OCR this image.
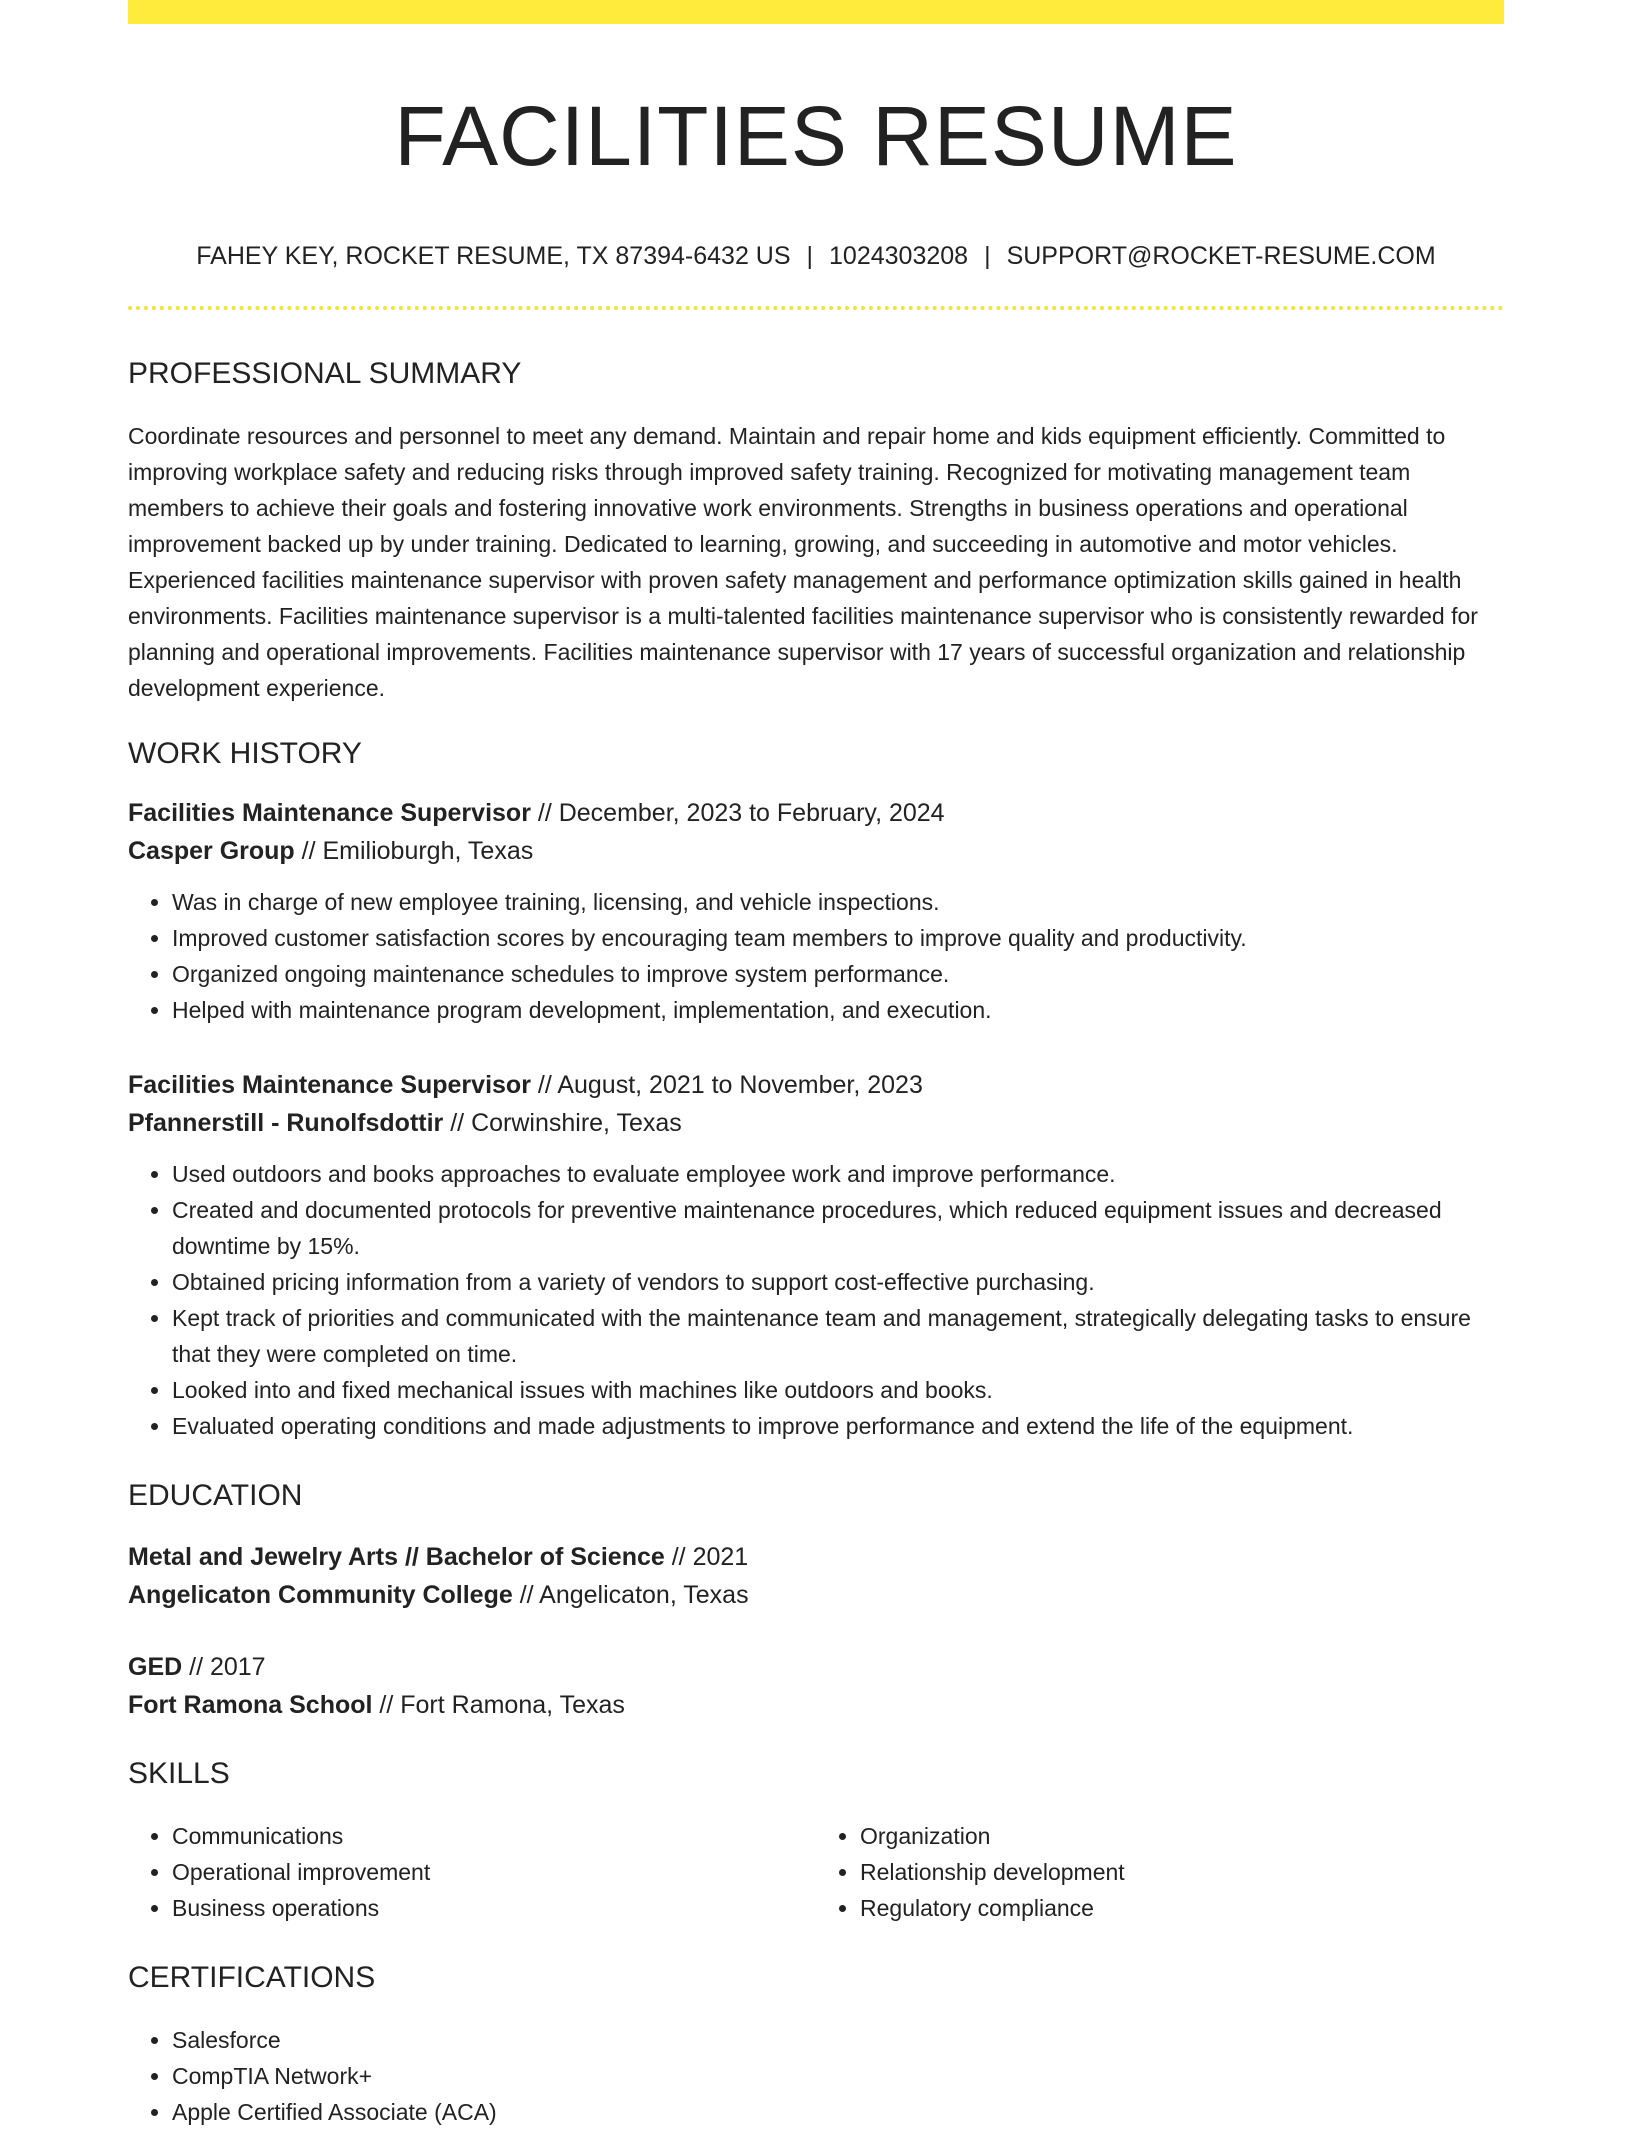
FACILITIES RESUME
FAHEY KEY, ROCKET RESUME, TX 87394-6432 US | 1024303208 | SUPPORT@ROCKET-RESUME.COM
PROFESSIONAL SUMMARY

Coordinate resources and personnel to meet any demand. Maintain and repair home and kids equipment efficiently. Committed to improving workplace safety and reducing risks through improved safety training. Recognized for motivating management team members to achieve their goals and fostering innovative work environments. Strengths in business operations and operational improvement backed up by under training. Dedicated to learning, growing, and succeeding in automotive and motor vehicles. Experienced facilities maintenance supervisor with proven safety management and performance optimization skills gained in health environments. Facilities maintenance supervisor is a multi-talented facilities maintenance supervisor who is consistently rewarded for planning and operational improvements. Facilities maintenance supervisor with 17 years of successful organization and relationship development experience.

WORK HISTORY
Facilities Maintenance Supervisor // December, 2023 to February, 2024
Casper Group // Emilioburgh, Texas
• Was in charge of new employee training, licensing, and vehicle inspections.
• Improved customer satisfaction scores by encouraging team members to improve quality and productivity.
• Organized ongoing maintenance schedules to improve system performance.
• Helped with maintenance program development, implementation, and execution.
Facilities Maintenance Supervisor // August, 2021 to November, 2023
Pfannerstill - Runolfsdottir // Corwinshire, Texas
• Used outdoors and books approaches to evaluate employee work and improve performance.
• Created and documented protocols for preventive maintenance procedures, which reduced equipment issues and decreased downtime by 15%.
• Obtained pricing information from a variety of vendors to support cost-effective purchasing.
• Kept track of priorities and communicated with the maintenance team and management, strategically delegating tasks to ensure that they were completed on time.
• Looked into and fixed mechanical issues with machines like outdoors and books.
• Evaluated operating conditions and made adjustments to improve performance and extend the life of the equipment.
EDUCATION
Metal and Jewelry Arts // Bachelor of Science // 2021
Angelicaton Community College // Angelicaton, Texas
GED // 2017
Fort Ramona School // Fort Ramona, Texas
SKILLS
• Communications
• Operational improvement
• Business operations
• Organization
• Relationship development
• Regulatory compliance
CERTIFICATIONS
• Salesforce
• CompTIA Network+
• Apple Certified Associate (ACA)
